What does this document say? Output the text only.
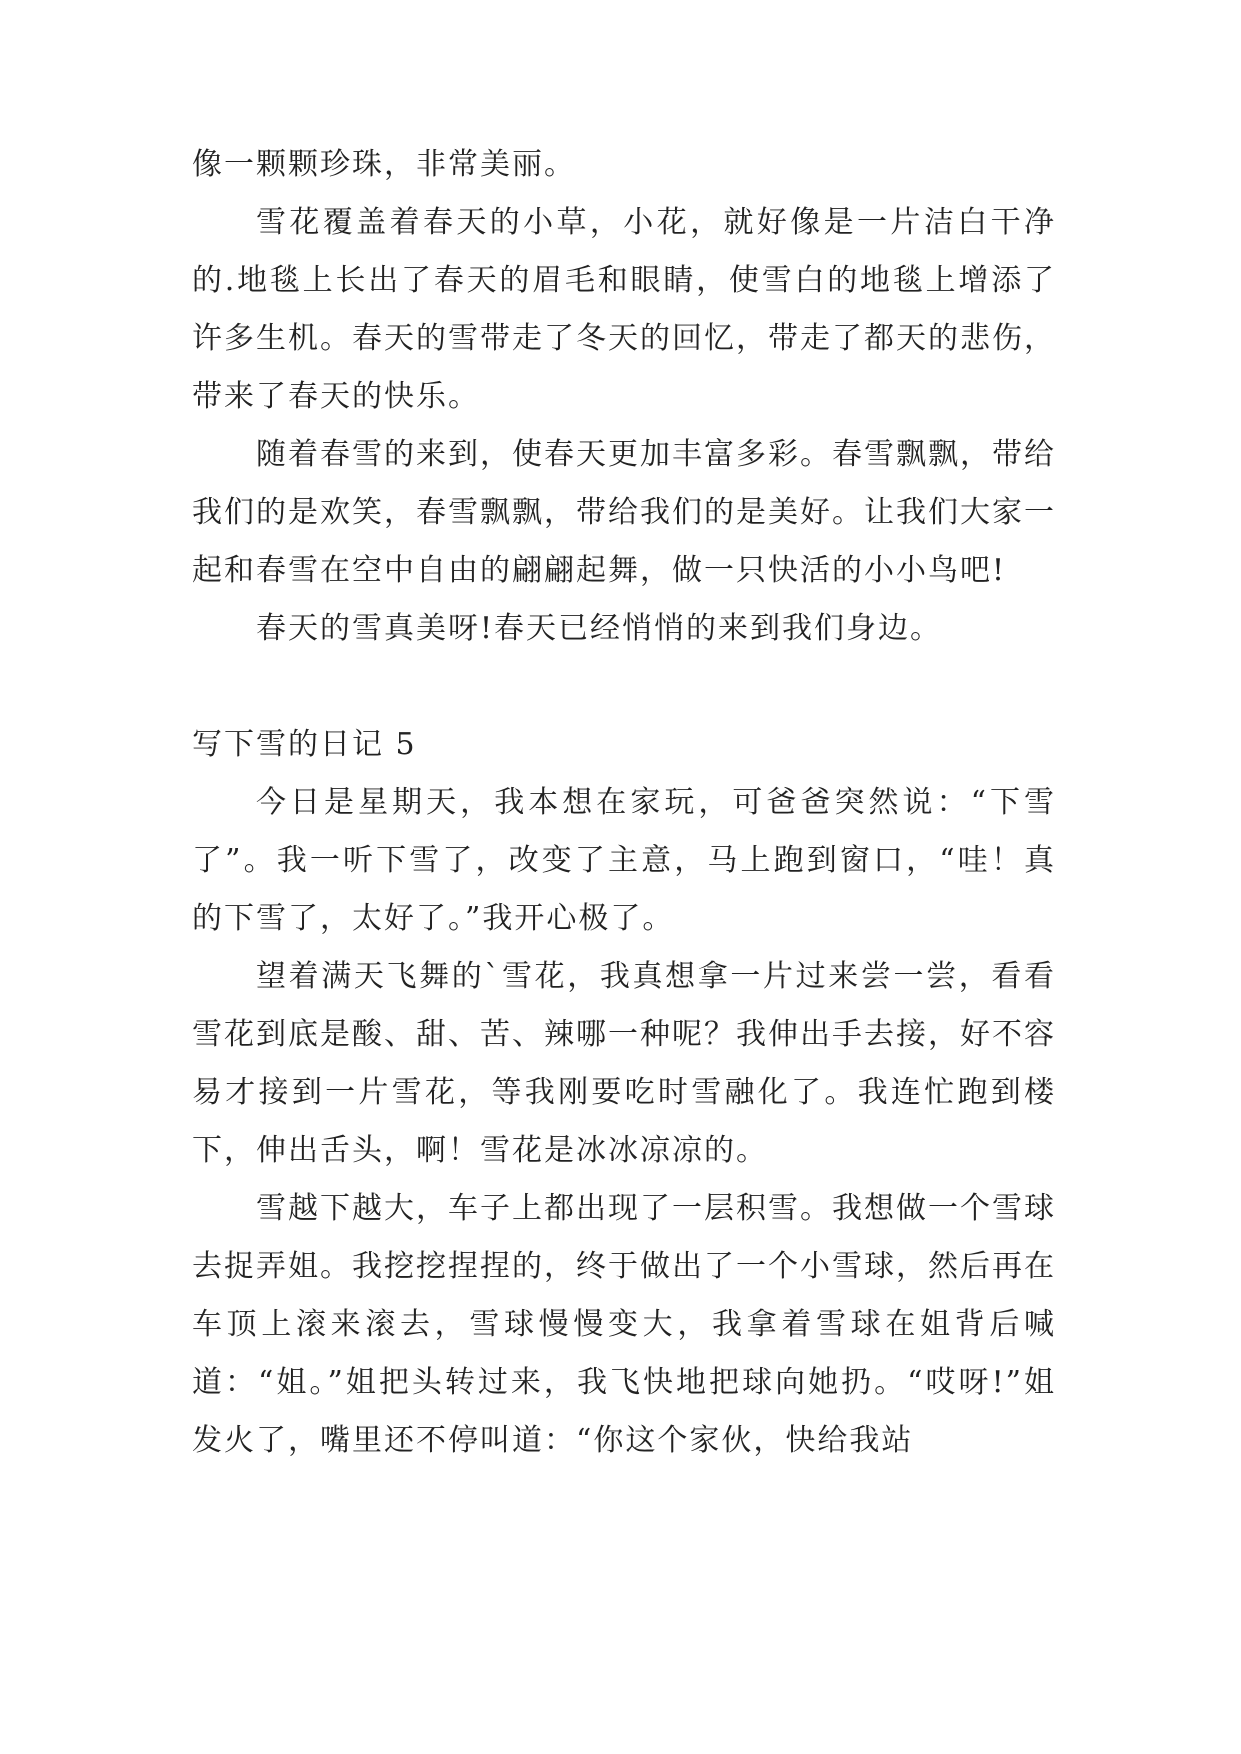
像一颗颗珍珠，非常美丽。

雪花覆盖着春天的小草，小花，就好像是一片洁白干净的.地毯上长出了春天的眉毛和眼睛，使雪白的地毯上增添了许多生机。春天的雪带走了冬天的回忆，带走了都天的悲伤，带来了春天的快乐。

随着春雪的来到，使春天更加丰富多彩。春雪飘飘，带给我们的是欢笑，春雪飘飘，带给我们的是美好。让我们大家一起和春雪在空中自由的翩翩起舞，做一只快活的小小鸟吧!

春天的雪真美呀!春天已经悄悄的来到我们身边。

写下雪的日记 5

今日是星期天，我本想在家玩，可爸爸突然说：“下雪了”。我一听下雪了，改变了主意，马上跑到窗口，“哇！真的下雪了，太好了。”我开心极了。

望着满天飞舞的`雪花，我真想拿一片过来尝一尝，看看雪花到底是酸、甜、苦、辣哪一种呢？我伸出手去接，好不容易才接到一片雪花，等我刚要吃时雪融化了。我连忙跑到楼下，伸出舌头，啊！雪花是冰冰凉凉的。

雪越下越大，车子上都出现了一层积雪。我想做一个雪球去捉弄姐。我挖挖捏捏的，终于做出了一个小雪球，然后再在车顶上滚来滚去，雪球慢慢变大，我拿着雪球在姐背后喊道：“姐。”姐把头转过来，我飞快地把球向她扔。“哎呀!”姐发火了，嘴里还不停叫道：“你这个家伙，快给我站
